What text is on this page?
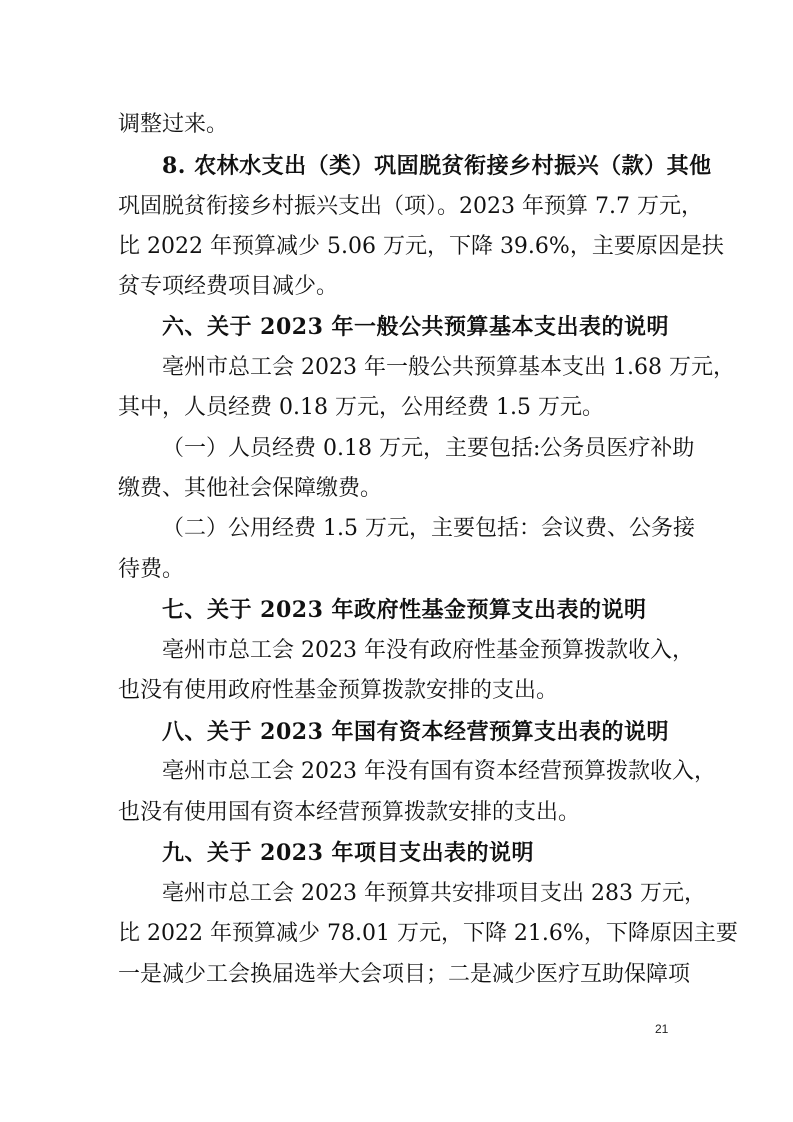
调整过来。
8. 农林水支出（类）巩固脱贫衔接乡村振兴（款）其他
巩固脱贫衔接乡村振兴支出（项）。2023 年预算 7.7 万元，
比 2022 年预算减少 5.06 万元，下降 39.6%，主要原因是扶
贫专项经费项目减少。
六、关于 2023 年一般公共预算基本支出表的说明
亳州市总工会 2023 年一般公共预算基本支出 1.68 万元，
其中，人员经费 0.18 万元，公用经费 1.5 万元。
（一）人员经费 0.18 万元，主要包括:公务员医疗补助
缴费、其他社会保障缴费。
（二）公用经费 1.5 万元，主要包括：会议费、公务接
待费。
七、关于 2023 年政府性基金预算支出表的说明
亳州市总工会 2023 年没有政府性基金预算拨款收入，
也没有使用政府性基金预算拨款安排的支出。
八、关于 2023 年国有资本经营预算支出表的说明
亳州市总工会 2023 年没有国有资本经营预算拨款收入，
也没有使用国有资本经营预算拨款安排的支出。
九、关于 2023 年项目支出表的说明
亳州市总工会 2023 年预算共安排项目支出 283 万元，
比 2022 年预算减少 78.01 万元，下降 21.6%，下降原因主要
一是减少工会换届选举大会项目；二是减少医疗互助保障项
21
